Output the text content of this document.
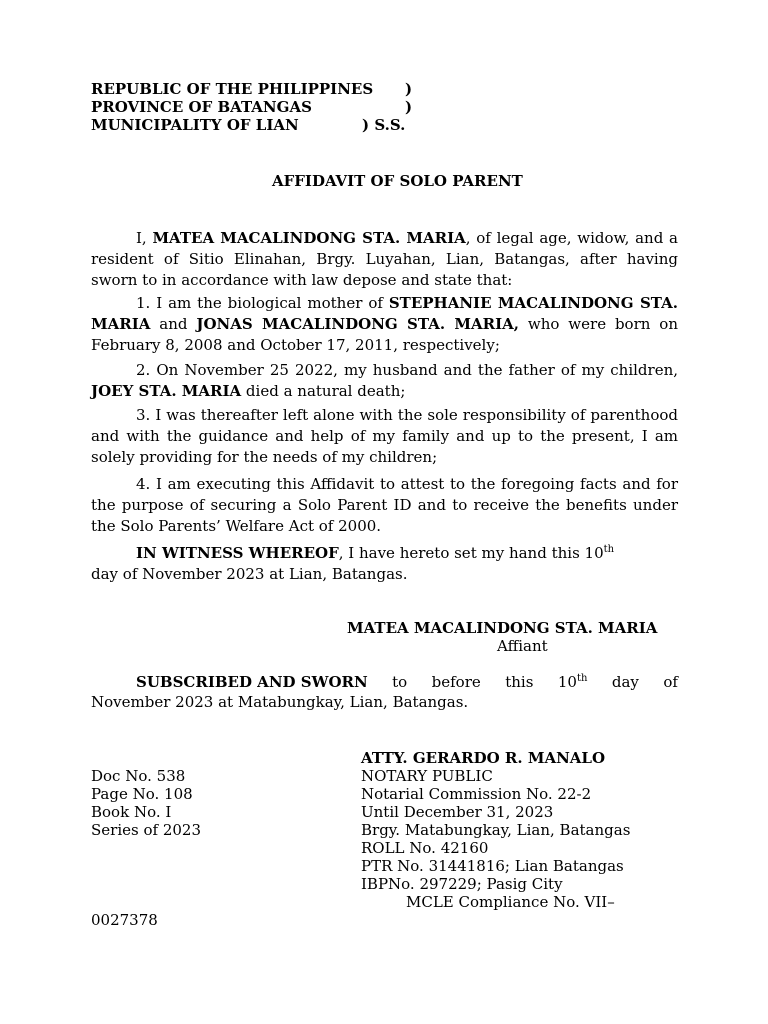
REPUBLIC OF THE PHILIPPINES
PROVINCE OF BATANGAS
MUNICIPALITY OF LIAN
)
)
) S.S.
AFFIDAVIT OF SOLO PARENT

I, MATEA MACALINDONG STA. MARIA, of legal age, widow, and a resident of Sitio Elinahan, Brgy. Luyahan, Lian, Batangas, after having sworn to in accordance with law depose and state that:

1. I am the biological mother of STEPHANIE MACALINDONG STA. MARIA and JONAS MACALINDONG STA. MARIA, who were born on February 8, 2008 and October 17, 2011, respectively;

2. On November 25 2022, my husband and the father of my children, JOEY STA. MARIA died a natural death;

3. I was thereafter left alone with the sole responsibility of parenthood and with the guidance and help of my family and up to the present, I am solely providing for the needs of my children;

4. I am executing this Affidavit to attest to the foregoing facts and for the purpose of securing a Solo Parent ID and to receive the benefits under the Solo Parents’ Welfare Act of 2000.

IN WITNESS WHEREOF, I have hereto set my hand this 10th
day of November 2023 at Lian, Batangas.
MATEA MACALINDONG STA. MARIA
Affiant
SUBSCRIBED AND SWORN to before this 10th day of
November 2023 at Matabungkay, Lian, Batangas.
ATTY. GERARDO R. MANALO
NOTARY PUBLIC
Notarial Commission No. 22-2
Until December 31, 2023
Brgy. Matabungkay, Lian, Batangas
ROLL No. 42160
PTR No. 31441816; Lian Batangas
IBPNo. 297229; Pasig City
MCLE Compliance No. VII–
0027378
Doc No. 538
Page No. 108
Book No. I
Series of 2023
